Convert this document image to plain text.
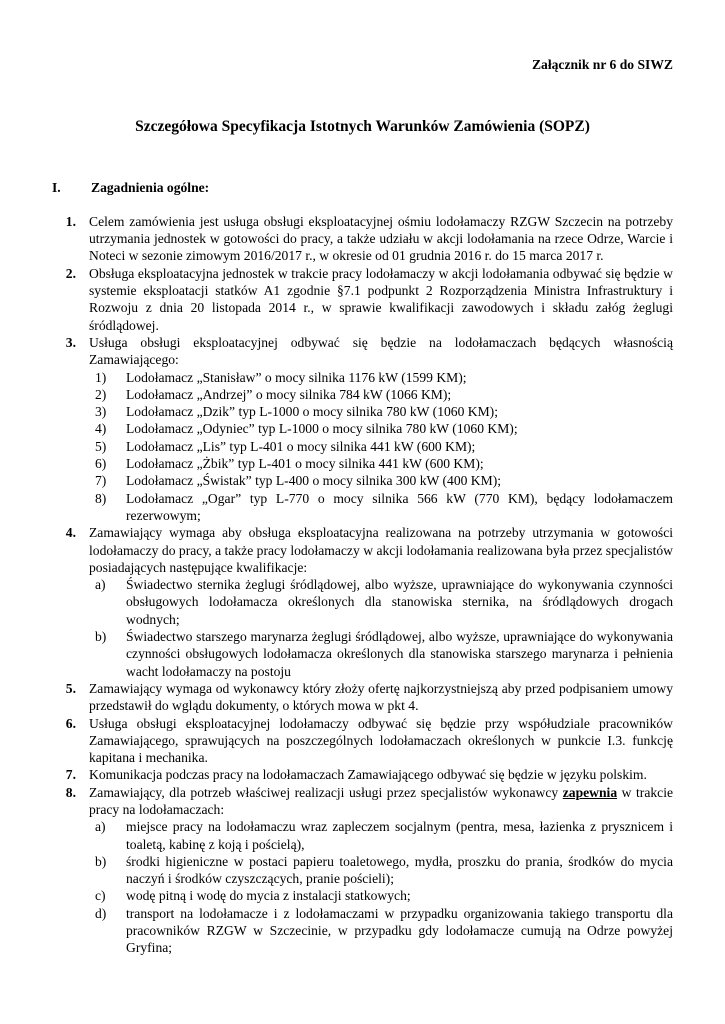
Załącznik nr 6 do SIWZ

Szczegółowa Specyfikacja Istotnych Warunków Zamówienia (SOPZ)

I. Zagadnienia ogólne:
1. Celem zamówienia jest usługa obsługi eksploatacyjnej ośmiu lodołamaczy RZGW Szczecin na potrzeby utrzymania jednostek w gotowości do pracy, a także udziału w akcji lodołamania na rzece Odrze, Warcie i Noteci w sezonie zimowym 2016/2017 r., w okresie od 01 grudnia 2016 r. do 15 marca 2017 r.

2. Obsługa eksploatacyjna jednostek w trakcie pracy lodołamaczy w akcji lodołamania odbywać się będzie w systemie eksploatacji statków A1 zgodnie §7.1 podpunkt 2 Rozporządzenia Ministra Infrastruktury i Rozwoju z dnia 20 listopada 2014 r., w sprawie kwalifikacji zawodowych i składu załóg żeglugi śródlądowej.

3. Usługa obsługi eksploatacyjnej odbywać się będzie na lodołamaczach będących własnością Zamawiającego:

1) Lodołamacz „Stanisław” o mocy silnika 1176 kW (1599 KM);
2) Lodołamacz „Andrzej” o mocy silnika 784 kW (1066 KM);
3) Lodołamacz „Dzik” typ L-1000 o mocy silnika 780 kW (1060 KM);
4) Lodołamacz „Odyniec” typ L-1000 o mocy silnika 780 kW (1060 KM);
5) Lodołamacz „Lis” typ L-401 o mocy silnika 441 kW (600 KM);
6) Lodołamacz „Żbik” typ L-401 o mocy silnika 441 kW (600 KM);
7) Lodołamacz „Świstak” typ L-400 o mocy silnika 300 kW (400 KM);
8) Lodołamacz „Ogar” typ L-770 o mocy silnika 566 kW (770 KM), będący lodołamaczem rezerwowym;
4. Zamawiający wymaga aby obsługa eksploatacyjna realizowana na potrzeby utrzymania w gotowości lodołamaczy do pracy, a także pracy lodołamaczy w akcji lodołamania realizowana była przez specjalistów posiadających następujące kwalifikacje:

a) Świadectwo sternika żeglugi śródlądowej, albo wyższe, uprawniające do wykonywania czynności obsługowych lodołamacza określonych dla stanowiska sternika, na śródlądowych drogach wodnych;
b) Świadectwo starszego marynarza żeglugi śródlądowej, albo wyższe, uprawniające do wykonywania czynności obsługowych lodołamacza określonych dla stanowiska starszego marynarza i pełnienia wacht lodołamaczy na postoju
5. Zamawiający wymaga od wykonawcy który złoży ofertę najkorzystniejszą aby przed podpisaniem umowy przedstawił do wglądu dokumenty, o których mowa w pkt 4.

6. Usługa obsługi eksploatacyjnej lodołamaczy odbywać się będzie przy współudziale pracowników Zamawiającego, sprawujących na poszczególnych lodołamaczach określonych w punkcie I.3. funkcję kapitana i mechanika.

7. Komunikacja podczas pracy na lodołamaczach Zamawiającego odbywać się będzie w języku polskim.

8. Zamawiający, dla potrzeb właściwej realizacji usługi przez specjalistów wykonawcy zapewnia w trakcie pracy na lodołamaczach:

a) miejsce pracy na lodołamaczu wraz zapleczem socjalnym (pentra, mesa, łazienka z prysznicem i toaletą, kabinę z koją i pościelą),
b) środki higieniczne w postaci papieru toaletowego, mydła, proszku do prania, środków do mycia naczyń i środków czyszczących, pranie pościeli);
c) wodę pitną i wodę do mycia z instalacji statkowych;
d) transport na lodołamacze i z lodołamaczami w przypadku organizowania takiego transportu dla pracowników RZGW w Szczecinie, w przypadku gdy lodołamacze cumują na Odrze powyżej Gryfina;
